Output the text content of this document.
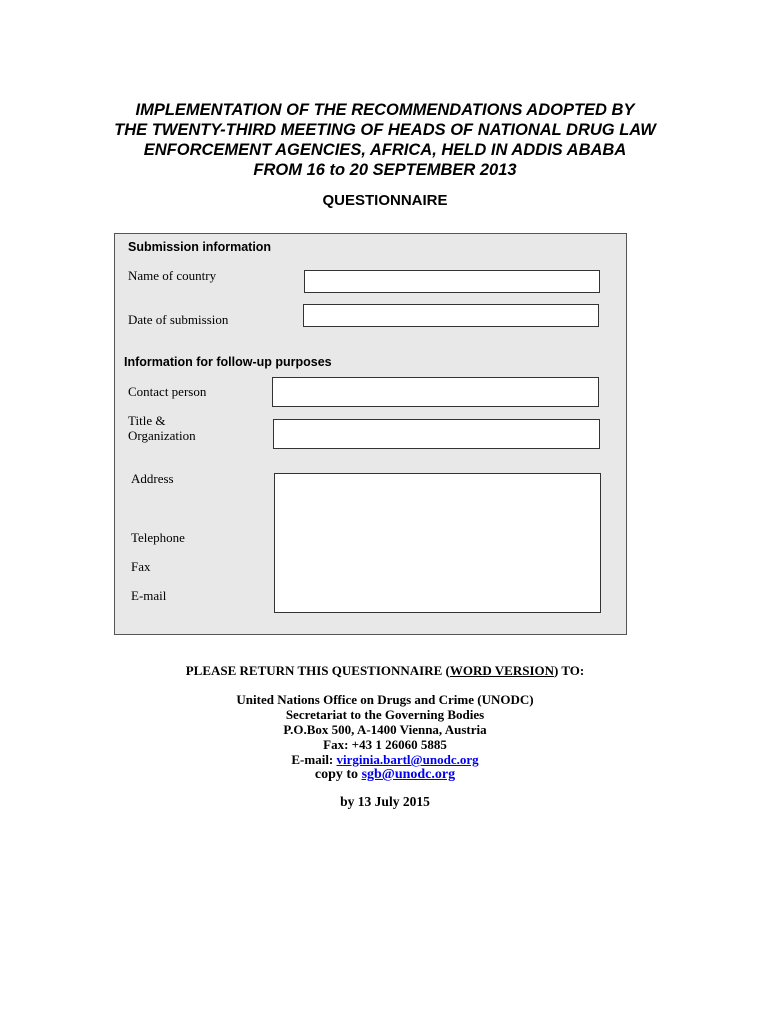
IMPLEMENTATION OF THE RECOMMENDATIONS ADOPTED BY
THE TWENTY-THIRD MEETING OF HEADS OF NATIONAL DRUG LAW
ENFORCEMENT AGENCIES, AFRICA, HELD IN ADDIS ABABA
FROM 16 to 20 SEPTEMBER 2013
QUESTIONNAIRE
Submission information
Name of country
Date of submission
Information for follow-up purposes
Contact person
Title &
Organization
Address
Telephone
Fax
E-mail
PLEASE RETURN THIS QUESTIONNAIRE (WORD VERSION) TO:
United Nations Office on Drugs and Crime (UNODC)
Secretariat to the Governing Bodies
P.O.Box 500, A-1400 Vienna, Austria
Fax: +43 1 26060 5885
E-mail: virginia.bartl@unodc.org
copy to sgb@unodc.org
by 13 July 2015
